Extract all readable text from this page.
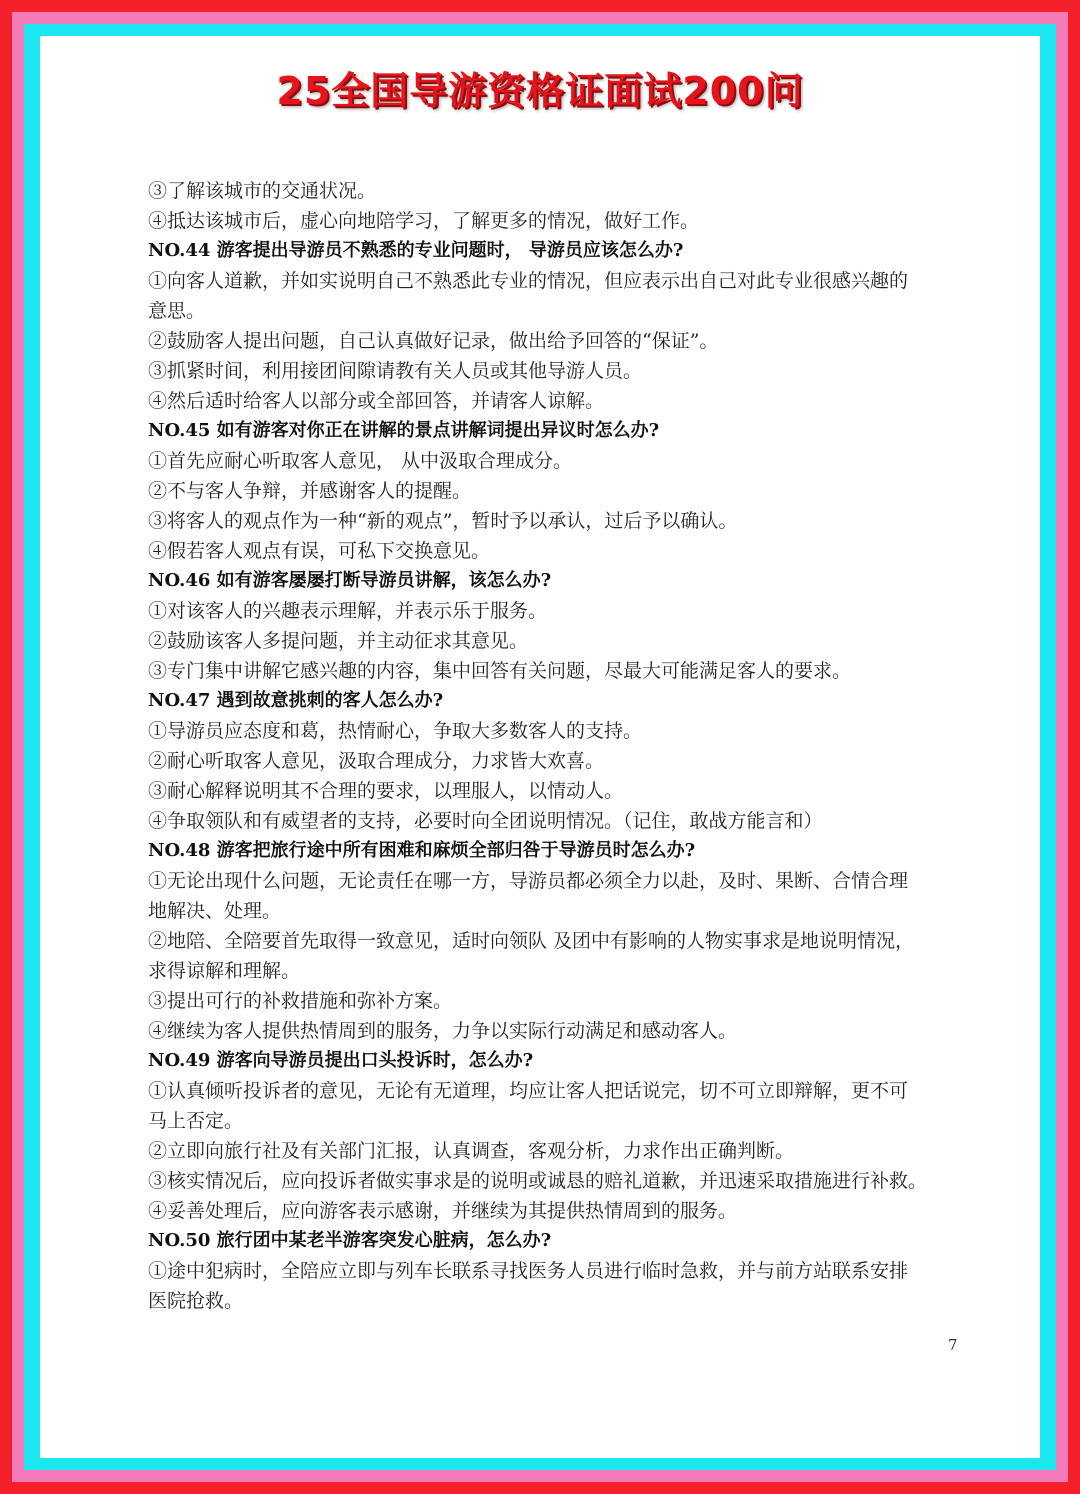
25全国导游资格证面试200问
③了解该城市的交通状况。
④抵达该城市后，虚心向地陪学习，了解更多的情况，做好工作。
NO.44 游客提出导游员不熟悉的专业问题时， 导游员应该怎么办?
①向客人道歉，并如实说明自己不熟悉此专业的情况，但应表示出自己对此专业很感兴趣的
意思。
②鼓励客人提出问题，自己认真做好记录，做出给予回答的“保证”。
③抓紧时间，利用接团间隙请教有关人员或其他导游人员。
④然后适时给客人以部分或全部回答，并请客人谅解。
NO.45 如有游客对你正在讲解的景点讲解词提出异议时怎么办?
①首先应耐心听取客人意见， 从中汲取合理成分。
②不与客人争辩，并感谢客人的提醒。
③将客人的观点作为一种“新的观点”，暂时予以承认，过后予以确认。
④假若客人观点有误，可私下交换意见。
NO.46 如有游客屡屡打断导游员讲解，该怎么办?
①对该客人的兴趣表示理解，并表示乐于服务。
②鼓励该客人多提问题，并主动征求其意见。
③专门集中讲解它感兴趣的内容，集中回答有关问题，尽最大可能满足客人的要求。
NO.47 遇到故意挑刺的客人怎么办?
①导游员应态度和葛，热情耐心，争取大多数客人的支持。
②耐心听取客人意见，汲取合理成分，力求皆大欢喜。
③耐心解释说明其不合理的要求，以理服人，以情动人。
④争取领队和有威望者的支持，必要时向全团说明情况。（记住，敢战方能言和）
NO.48 游客把旅行途中所有困难和麻烦全部归咎于导游员时怎么办?
①无论出现什么问题，无论责任在哪一方，导游员都必须全力以赴，及时、果断、合情合理
地解决、处理。
②地陪、全陪要首先取得一致意见，适时向领队 及团中有影响的人物实事求是地说明情况，
求得谅解和理解。
③提出可行的补救措施和弥补方案。
④继续为客人提供热情周到的服务，力争以实际行动满足和感动客人。
NO.49 游客向导游员提出口头投诉时，怎么办?
①认真倾听投诉者的意见，无论有无道理，均应让客人把话说完，切不可立即辩解，更不可
马上否定。
②立即向旅行社及有关部门汇报，认真调查，客观分析，力求作出正确判断。
③核实情况后，应向投诉者做实事求是的说明或诚恳的赔礼道歉，并迅速采取措施进行补救。
④妥善处理后，应向游客表示感谢，并继续为其提供热情周到的服务。
NO.50 旅行团中某老半游客突发心脏病，怎么办?
①途中犯病时，全陪应立即与列车长联系寻找医务人员进行临时急救，并与前方站联系安排
医院抢救。
7
